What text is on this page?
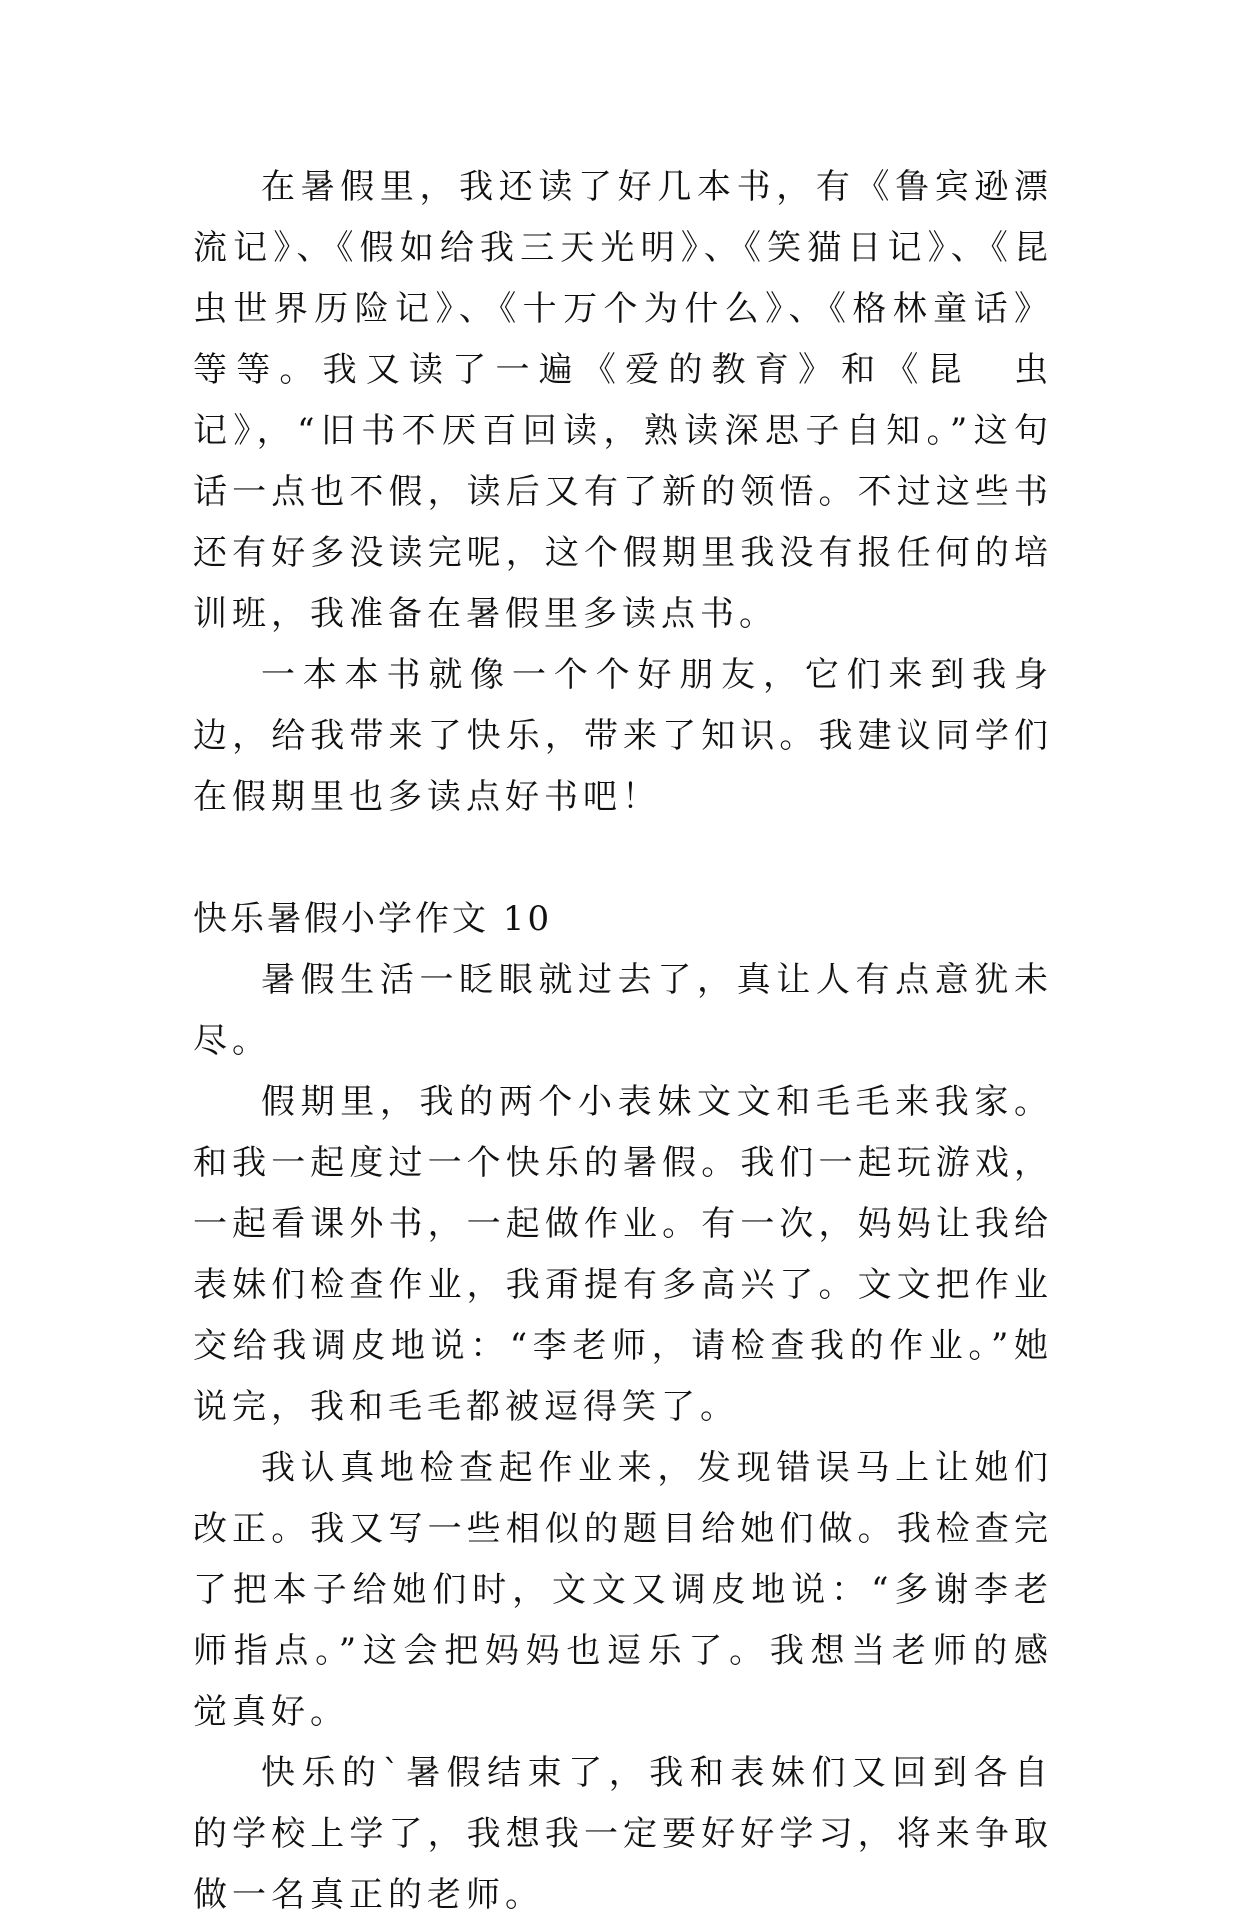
在暑假里，我还读了好几本书，有《鲁宾逊漂流记》、《假如给我三天光明》、《笑猫日记》、《昆虫世界历险记》、《十万个为什么》、《格林童话》等等。我又读了一遍《爱的教育》和《昆　虫记》，“旧书不厌百回读，熟读深思子自知。”这句话一点也不假，读后又有了新的领悟。不过这些书还有好多没读完呢，这个假期里我没有报任何的培训班，我准备在暑假里多读点书。

一本本书就像一个个好朋友，它们来到我身边，给我带来了快乐，带来了知识。我建议同学们在假期里也多读点好书吧！

快乐暑假小学作文 10

暑假生活一眨眼就过去了，真让人有点意犹未尽。

假期里，我的两个小表妹文文和毛毛来我家。和我一起度过一个快乐的暑假。我们一起玩游戏，一起看课外书，一起做作业。有一次，妈妈让我给表妹们检查作业，我甭提有多高兴了。文文把作业交给我调皮地说：“李老师，请检查我的作业。”她说完，我和毛毛都被逗得笑了。

我认真地检查起作业来，发现错误马上让她们改正。我又写一些相似的题目给她们做。我检查完了把本子给她们时，文文又调皮地说：“多谢李老师指点。”这会把妈妈也逗乐了。我想当老师的感觉真好。

快乐的`暑假结束了，我和表妹们又回到各自的学校上学了，我想我一定要好好学习，将来争取做一名真正的老师。
